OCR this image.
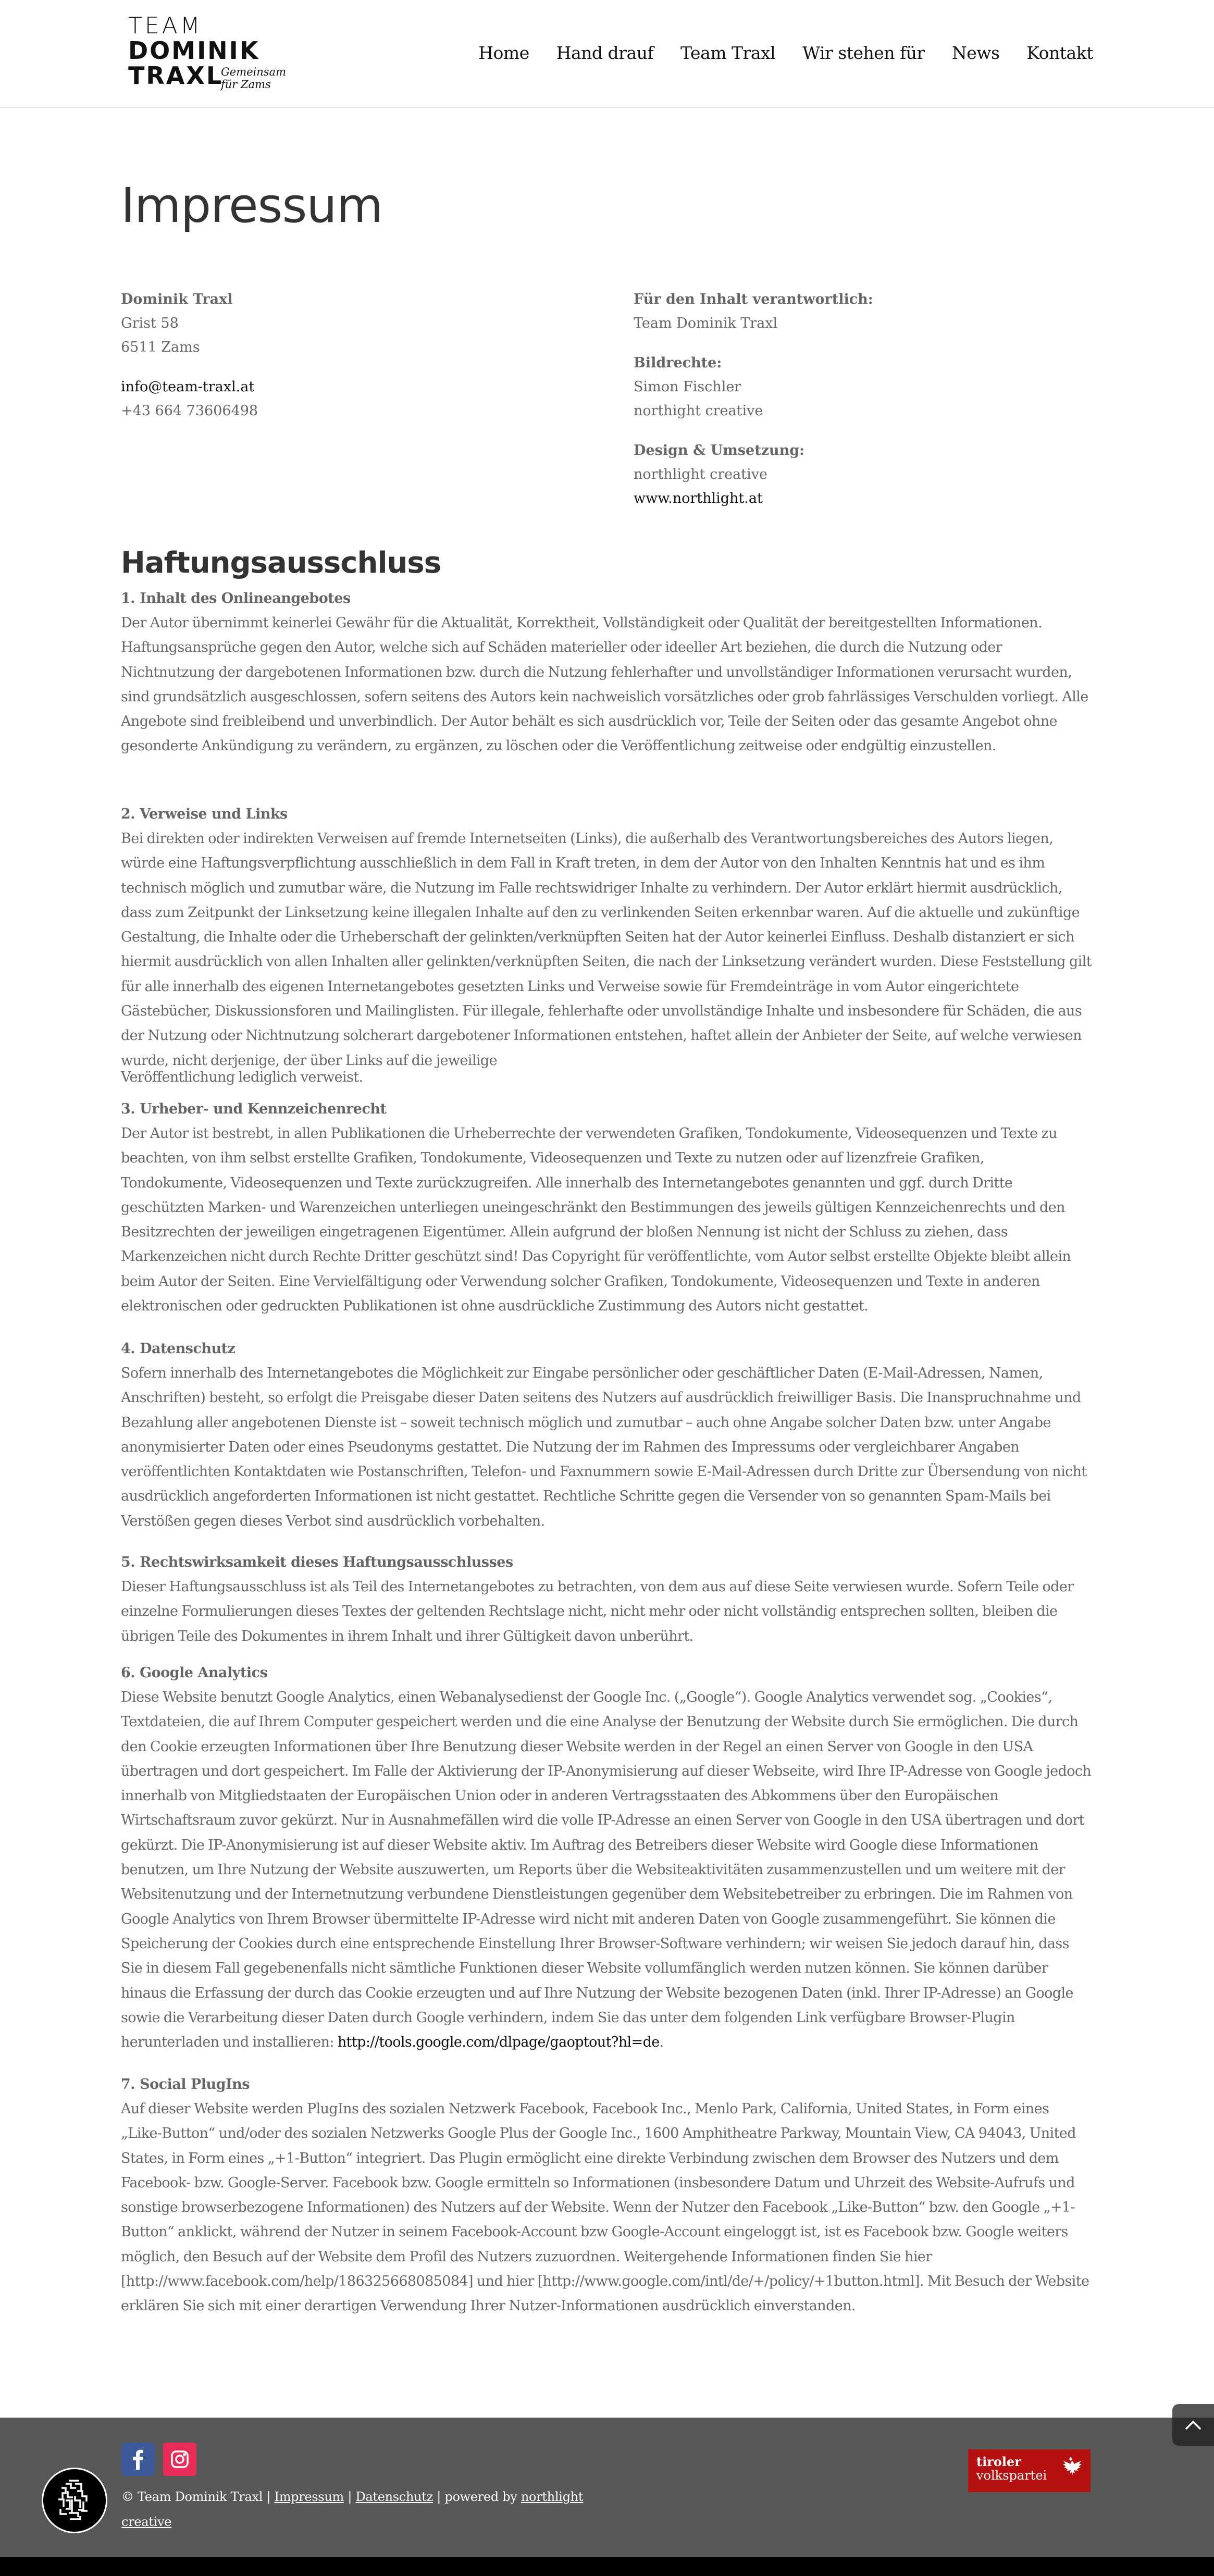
TEAM
DOMINIK
TRAXL
Gemeinsam
für Zams
Home Hand drauf Team Traxl Wir stehen für News Kontakt
Impressum
Dominik Traxl
Grist 58
6511 Zams
info@team-traxl.at
+43 664 73606498
Für den Inhalt verantwortlich:
Team Dominik Traxl
Bildrechte:
Simon Fischler
northight creative
Design & Umsetzung:
northlight creative
www.northlight.at
Haftungsausschluss
1. Inhalt des Onlineangebotes

Der Autor übernimmt keinerlei Gewähr für die Aktualität, Korrektheit, Vollständigkeit oder Qualität der bereitgestellten Informationen. Haftungsansprüche gegen den Autor, welche sich auf Schäden materieller oder ideeller Art beziehen, die durch die Nutzung oder Nichtnutzung der dargebotenen Informationen bzw. durch die Nutzung fehlerhafter und unvollständiger Informationen verursacht wurden, sind grundsätzlich ausgeschlossen, sofern seitens des Autors kein nachweislich vorsätzliches oder grob fahrlässiges Verschulden vorliegt. Alle Angebote sind freibleibend und unverbindlich. Der Autor behält es sich ausdrücklich vor, Teile der Seiten oder das gesamte Angebot ohne gesonderte Ankündigung zu verändern, zu ergänzen, zu löschen oder die Veröffentlichung zeitweise oder endgültig einzustellen.

2. Verweise und Links

Bei direkten oder indirekten Verweisen auf fremde Internetseiten (Links), die außerhalb des Verantwortungsbereiches des Autors liegen, würde eine Haftungsverpflichtung ausschließlich in dem Fall in Kraft treten, in dem der Autor von den Inhalten Kenntnis hat und es ihm technisch möglich und zumutbar wäre, die Nutzung im Falle rechtswidriger Inhalte zu verhindern. Der Autor erklärt hiermit ausdrücklich, dass zum Zeitpunkt der Linksetzung keine illegalen Inhalte auf den zu verlinkenden Seiten erkennbar waren. Auf die aktuelle und zukünftige Gestaltung, die Inhalte oder die Urheberschaft der gelinkten/verknüpften Seiten hat der Autor keinerlei Einfluss. Deshalb distanziert er sich hiermit ausdrücklich von allen Inhalten aller gelinkten/verknüpften Seiten, die nach der Linksetzung verändert wurden. Diese Feststellung gilt für alle innerhalb des eigenen Internetangebotes gesetzten Links und Verweise sowie für Fremdeinträge in vom Autor eingerichtete Gästebücher, Diskussionsforen und Mailinglisten. Für illegale, fehlerhafte oder unvollständige Inhalte und insbesondere für Schäden, die aus der Nutzung oder Nichtnutzung solcherart dargebotener Informationen entstehen, haftet allein der Anbieter der Seite, auf welche verwiesen wurde, nicht derjenige, der über Links auf die jeweilige

Veröffentlichung lediglich verweist.

3. Urheber- und Kennzeichenrecht

Der Autor ist bestrebt, in allen Publikationen die Urheberrechte der verwendeten Grafiken, Tondokumente, Videosequenzen und Texte zu beachten, von ihm selbst erstellte Grafiken, Tondokumente, Videosequenzen und Texte zu nutzen oder auf lizenzfreie Grafiken, Tondokumente, Videosequenzen und Texte zurückzugreifen. Alle innerhalb des Internetangebotes genannten und ggf. durch Dritte geschützten Marken- und Warenzeichen unterliegen uneingeschränkt den Bestimmungen des jeweils gültigen Kennzeichenrechts und den Besitzrechten der jeweiligen eingetragenen Eigentümer. Allein aufgrund der bloßen Nennung ist nicht der Schluss zu ziehen, dass Markenzeichen nicht durch Rechte Dritter geschützt sind! Das Copyright für veröffentlichte, vom Autor selbst erstellte Objekte bleibt allein beim Autor der Seiten. Eine Vervielfältigung oder Verwendung solcher Grafiken, Tondokumente, Videosequenzen und Texte in anderen elektronischen oder gedruckten Publikationen ist ohne ausdrückliche Zustimmung des Autors nicht gestattet.

4. Datenschutz

Sofern innerhalb des Internetangebotes die Möglichkeit zur Eingabe persönlicher oder geschäftlicher Daten (E-Mail-Adressen, Namen, Anschriften) besteht, so erfolgt die Preisgabe dieser Daten seitens des Nutzers auf ausdrücklich freiwilliger Basis. Die Inanspruchnahme und Bezahlung aller angebotenen Dienste ist – soweit technisch möglich und zumutbar – auch ohne Angabe solcher Daten bzw. unter Angabe anonymisierter Daten oder eines Pseudonyms gestattet. Die Nutzung der im Rahmen des Impressums oder vergleichbarer Angaben veröffentlichten Kontaktdaten wie Postanschriften, Telefon- und Faxnummern sowie E-Mail-Adressen durch Dritte zur Übersendung von nicht ausdrücklich angeforderten Informationen ist nicht gestattet. Rechtliche Schritte gegen die Versender von so genannten Spam-Mails bei Verstößen gegen dieses Verbot sind ausdrücklich vorbehalten.

5. Rechtswirksamkeit dieses Haftungsausschlusses

Dieser Haftungsausschluss ist als Teil des Internetangebotes zu betrachten, von dem aus auf diese Seite verwiesen wurde. Sofern Teile oder einzelne Formulierungen dieses Textes der geltenden Rechtslage nicht, nicht mehr oder nicht vollständig entsprechen sollten, bleiben die übrigen Teile des Dokumentes in ihrem Inhalt und ihrer Gültigkeit davon unberührt.

6. Google Analytics

Diese Website benutzt Google Analytics, einen Webanalysedienst der Google Inc. („Google“). Google Analytics verwendet sog. „Cookies“, Textdateien, die auf Ihrem Computer gespeichert werden und die eine Analyse der Benutzung der Website durch Sie ermöglichen. Die durch den Cookie erzeugten Informationen über Ihre Benutzung dieser Website werden in der Regel an einen Server von Google in den USA übertragen und dort gespeichert. Im Falle der Aktivierung der IP-Anonymisierung auf dieser Webseite, wird Ihre IP-Adresse von Google jedoch innerhalb von Mitgliedstaaten der Europäischen Union oder in anderen Vertragsstaaten des Abkommens über den Europäischen Wirtschaftsraum zuvor gekürzt. Nur in Ausnahmefällen wird die volle IP-Adresse an einen Server von Google in den USA übertragen und dort gekürzt. Die IP-Anonymisierung ist auf dieser Website aktiv. Im Auftrag des Betreibers dieser Website wird Google diese Informationen benutzen, um Ihre Nutzung der Website auszuwerten, um Reports über die Websiteaktivitäten zusammenzustellen und um weitere mit der Websitenutzung und der Internetnutzung verbundene Dienstleistungen gegenüber dem Websitebetreiber zu erbringen. Die im Rahmen von Google Analytics von Ihrem Browser übermittelte IP-Adresse wird nicht mit anderen Daten von Google zusammengeführt. Sie können die Speicherung der Cookies durch eine entsprechende Einstellung Ihrer Browser-Software verhindern; wir weisen Sie jedoch darauf hin, dass Sie in diesem Fall gegebenenfalls nicht sämtliche Funktionen dieser Website vollumfänglich werden nutzen können. Sie können darüber hinaus die Erfassung der durch das Cookie erzeugten und auf Ihre Nutzung der Website bezogenen Daten (inkl. Ihrer IP-Adresse) an Google sowie die Verarbeitung dieser Daten durch Google verhindern, indem Sie das unter dem folgenden Link verfügbare Browser-Plugin herunterladen und installieren: http://tools.google.com/dlpage/gaoptout?hl=de.

7. Social PlugIns

Auf dieser Website werden PlugIns des sozialen Netzwerk Facebook, Facebook Inc., Menlo Park, California, United States, in Form eines „Like-Button“ und/oder des sozialen Netzwerks Google Plus der Google Inc., 1600 Amphitheatre Parkway, Mountain View, CA 94043, United States, in Form eines „+1-Button“ integriert. Das Plugin ermöglicht eine direkte Verbindung zwischen dem Browser des Nutzers und dem Facebook- bzw. Google-Server. Facebook bzw. Google ermitteln so Informationen (insbesondere Datum und Uhrzeit des Website-Aufrufs und sonstige browserbezogene Informationen) des Nutzers auf der Website. Wenn der Nutzer den Facebook „Like-Button“ bzw. den Google „+1-Button“ anklickt, während der Nutzer in seinem Facebook-Account bzw Google-Account eingeloggt ist, ist es Facebook bzw. Google weiters möglich, den Besuch auf der Website dem Profil des Nutzers zuzuordnen. Weitergehende Informationen finden Sie hier [http://www.facebook.com/help/186325668085084] und hier [http://www.google.com/intl/de/+/policy/+1button.html]. Mit Besuch der Website erklären Sie sich mit einer derartigen Verwendung Ihrer Nutzer-Informationen ausdrücklich einverstanden.

© Team Dominik Traxl | Impressum | Datenschutz | powered by northlight creative
tiroler
volkspartei
